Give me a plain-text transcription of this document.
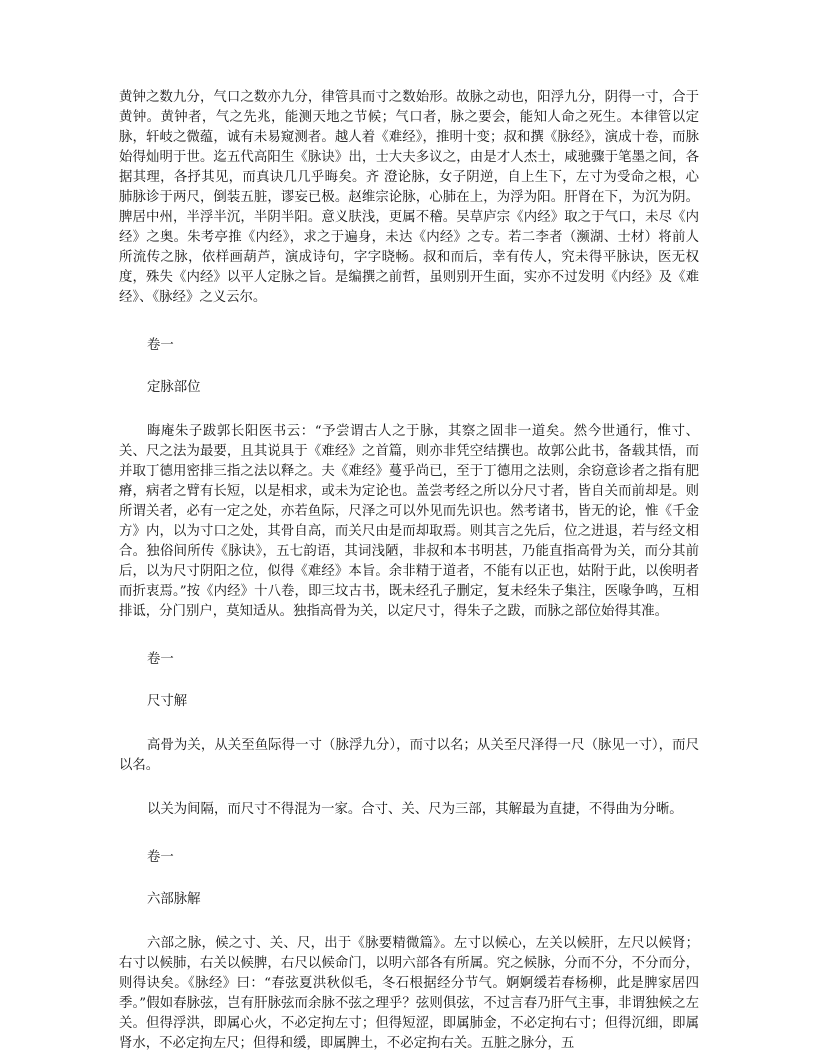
黄钟之数九分，气口之数亦九分，律管具而寸之数始形。故脉之动也，阳浮九分，阴得一寸，合于黄钟。黄钟者，气之先兆，能测天地之节候；气口者，脉之要会，能知人命之死生。本律管以定脉，轩岐之微蕴，诚有未易窥测者。越人着《难经》，推明十变；叔和撰《脉经》，演成十卷，而脉始得灿明于世。迄五代高阳生《脉诀》出，士大夫多议之，由是才人杰士，咸驰骤于笔墨之间，各据其理，各抒其见，而真诀几几乎晦矣。齐 澄论脉，女子阴逆，自上生下，左寸为受命之根，心肺脉诊于两尺，倒装五脏，谬妄已极。赵维宗论脉，心肺在上，为浮为阳。肝肾在下，为沉为阴。脾居中州，半浮半沉，半阴半阳。意义肤浅，更属不稽。吴草庐宗《内经》取之于气口，未尽《内经》之奥。朱考亭推《内经》，求之于遍身，未达《内经》之专。若二李者（濒湖、士材）将前人所流传之脉，依样画葫芦，演成诗句，字字晓畅。叔和而后，幸有传人，究未得平脉诀，医无权度，殊失《内经》以平人定脉之旨。是编撰之前哲，虽则别开生面，实亦不过发明《内经》及《难经》、《脉经》之义云尔。

卷一

定脉部位

晦庵朱子跋郭长阳医书云：“予尝谓古人之于脉，其察之固非一道矣。然今世通行，惟寸、关、尺之法为最要，且其说具于《难经》之首篇，则亦非凭空结撰也。故郭公此书，备载其悟，而并取丁德用密排三指之法以释之。夫《难经》蔓乎尚已，至于丁德用之法则，余窃意诊者之指有肥瘠，病者之臂有长短，以是相求，或未为定论也。盖尝考经之所以分尺寸者，皆自关而前却是。则所谓关者，必有一定之处，亦若鱼际，尺泽之可以外见而先识也。然考诸书，皆无的论，惟《千金方》内，以为寸口之处，其骨自高，而关尺由是而却取焉。则其言之先后，位之进退，若与经文相合。独俗间所传《脉诀》，五七韵语，其词浅陋，非叔和本书明甚，乃能直指高骨为关，而分其前后，以为尺寸阴阳之位，似得《难经》本旨。余非精于道者，不能有以正也，姑附于此，以俟明者而折衷焉。”按《内经》十八卷，即三坟古书，既未经孔子删定，复未经朱子集注，医喙争鸣，互相排诋，分门别户，莫知适从。独指高骨为关，以定尺寸，得朱子之跋，而脉之部位始得其准。

卷一

尺寸解

高骨为关，从关至鱼际得一寸（脉浮九分），而寸以名；从关至尺泽得一尺（脉见一寸），而尺以名。

以关为间隔，而尺寸不得混为一家。合寸、关、尺为三部，其解最为直捷，不得曲为分晰。

卷一

六部脉解

六部之脉，候之寸、关、尺，出于《脉要精微篇》。左寸以候心，左关以候肝，左尺以候肾；右寸以候肺，右关以候脾，右尺以候命门，以明六部各有所属。究之候脉，分而不分，不分而分，则得诀矣。《脉经》曰：“春弦夏洪秋似毛，冬石根据经分节气。婀婀缓若春杨柳，此是脾家居四季。”假如春脉弦，岂有肝脉弦而余脉不弦之理乎？弦则俱弦，不过言春乃肝气主事，非谓独候之左关。但得浮洪，即属心火，不必定拘左寸；但得短涩，即属肺金，不必定拘右寸；但得沉细，即属肾水，不必定拘左尺；但得和缓，即属脾土，不必定拘右关。五脏之脉分，五
